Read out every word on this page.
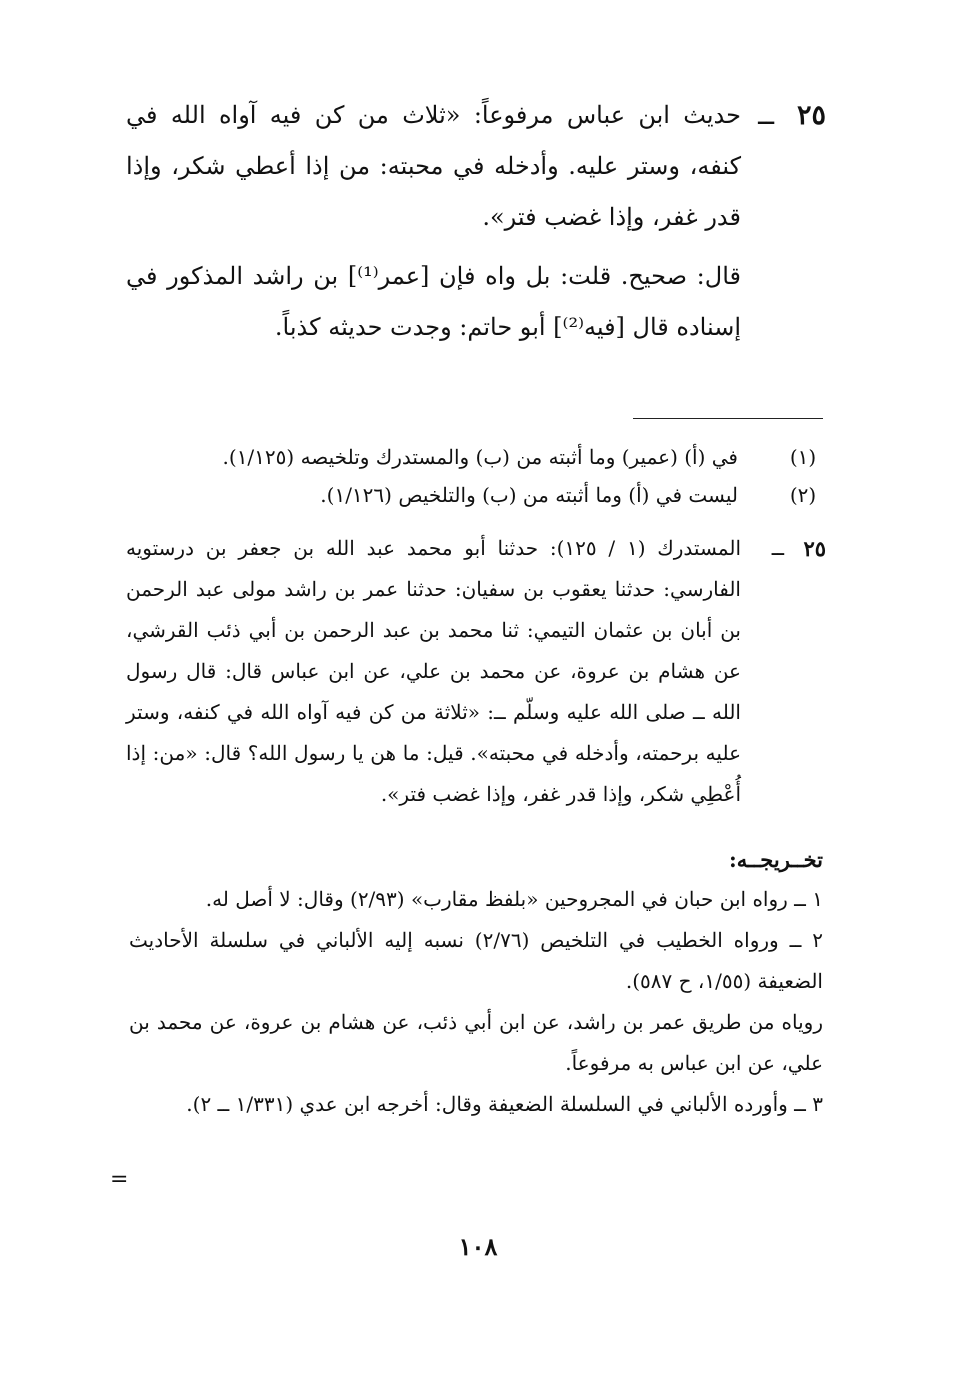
٢٥
ــ

حديث ابن عباس مرفوعاً: «ثلاث من كن فيه آواه الله في كنفه، وستر عليه. وأدخله في محبته: من إذا أعطي شكر، وإذا قدر غفر، وإذا غضب فتر».

قال: صحيح. قلت: بل واه فإن [عمر⁽¹⁾] بن راشد المذكور في إسناده قال [فيه⁽²⁾] أبو حاتم: وجدت حديثه كذباً.

(١)
في (أ) (عمير) وما أثبته من (ب) والمستدرك وتلخيصه (١/١٢٥).
(٢)
ليست في (أ) وما أثبته من (ب) والتلخيص (١/١٢٦).
٢٥
ــ

المستدرك (١ / ١٢٥): حدثنا أبو محمد عبد الله بن جعفر بن درستويه الفارسي: حدثنا يعقوب بن سفيان: حدثنا عمر بن راشد مولى عبد الرحمن بن أبان بن عثمان التيمي: ثنا محمد بن عبد الرحمن بن أبي ذئب القرشي، عن هشام بن عروة، عن محمد بن علي، عن ابن عباس قال: قال رسول الله ــ صلى الله عليه وسلّم ــ: «ثلاثة من كن فيه آواه الله في كنفه، وستر عليه برحمته، وأدخله في محبته». قيل: ما هن يا رسول الله؟ قال: «من: إذا أُعْطِي شكر، وإذا قدر غفر، وإذا غضب فتر».

تخــريجــه:

١ ــ رواه ابن حبان في المجروحين «بلفظ مقارب» (٢/٩٣) وقال: لا أصل له.

٢ ــ ورواه الخطيب في التلخيص (٢/٧٦) نسبه إليه الألباني في سلسلة الأحاديث الضعيفة (١/٥٥، ح ٥٨٧).

روياه من طريق عمر بن راشد، عن ابن أبي ذئب، عن هشام بن عروة، عن محمد بن علي، عن ابن عباس به مرفوعاً.

٣ ــ وأورده الألباني في السلسلة الضعيفة وقال: أخرجه ابن عدي (١/٣٣١ ــ ٢).

=
١٠٨
